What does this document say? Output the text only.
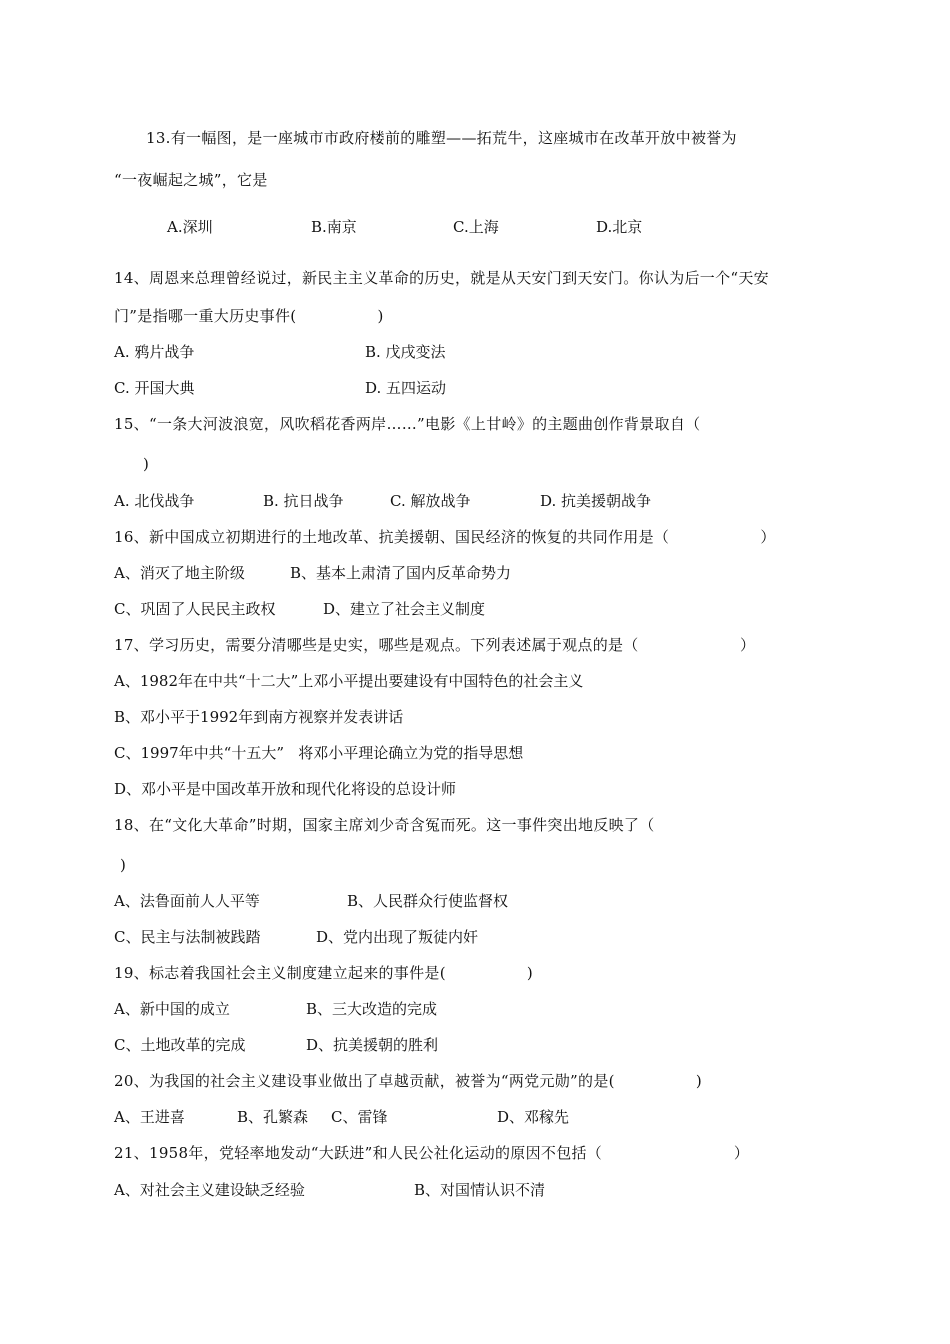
13.有一幅图，是一座城市市政府楼前的雕塑——拓荒牛，这座城市在改革开放中被誉为
“一夜崛起之城”，它是
A.深圳	B.南京	C.上海	D.北京
14、周恩来总理曾经说过，新民主主义革命的历史，就是从天安门到天安门。你认为后一个“天安
门”是指哪一重大历史事件(                )
A. 鸦片战争	B. 戊戌变法
C. 开国大典	D. 五四运动
15、“一条大河波浪宽，风吹稻花香两岸……”电影《上甘岭》的主题曲创作背景取自（
)
A. 北伐战争	B. 抗日战争	C. 解放战争	D. 抗美援朝战争
16、新中国成立初期进行的土地改革、抗美援朝、国民经济的恢复的共同作用是（                  ）
A、消灭了地主阶级	B、基本上肃清了国内反革命势力
C、巩固了人民民主政权	D、建立了社会主义制度
17、学习历史，需要分清哪些是史实，哪些是观点。下列表述属于观点的是（                    ）
A、1982年在中共“十二大”上邓小平提出要建设有中国特色的社会主义
B、邓小平于1992年到南方视察并发表讲话
C、1997年中共“十五大”   将邓小平理论确立为党的指导思想
D、邓小平是中国改革开放和现代化将设的总设计师
18、在“文化大革命”时期，国家主席刘少奇含冤而死。这一事件突出地反映了（
)
A、法鲁面前人人平等	B、人民群众行使监督权
C、民主与法制被践踏	D、党内出现了叛徒内奸
19、标志着我国社会主义制度建立起来的事件是(                )
A、新中国的成立	B、三大改造的完成
C、土地改革的完成	D、抗美援朝的胜利
20、为我国的社会主义建设事业做出了卓越贡献，被誉为“两党元勋”的是(                )
A、王进喜	B、孔繁森 C、雷锋	D、邓稼先
21、1958年，党轻率地发动“大跃进”和人民公社化运动的原因不包括（                          ）
A、对社会主义建设缺乏经验	B、对国情认识不清
